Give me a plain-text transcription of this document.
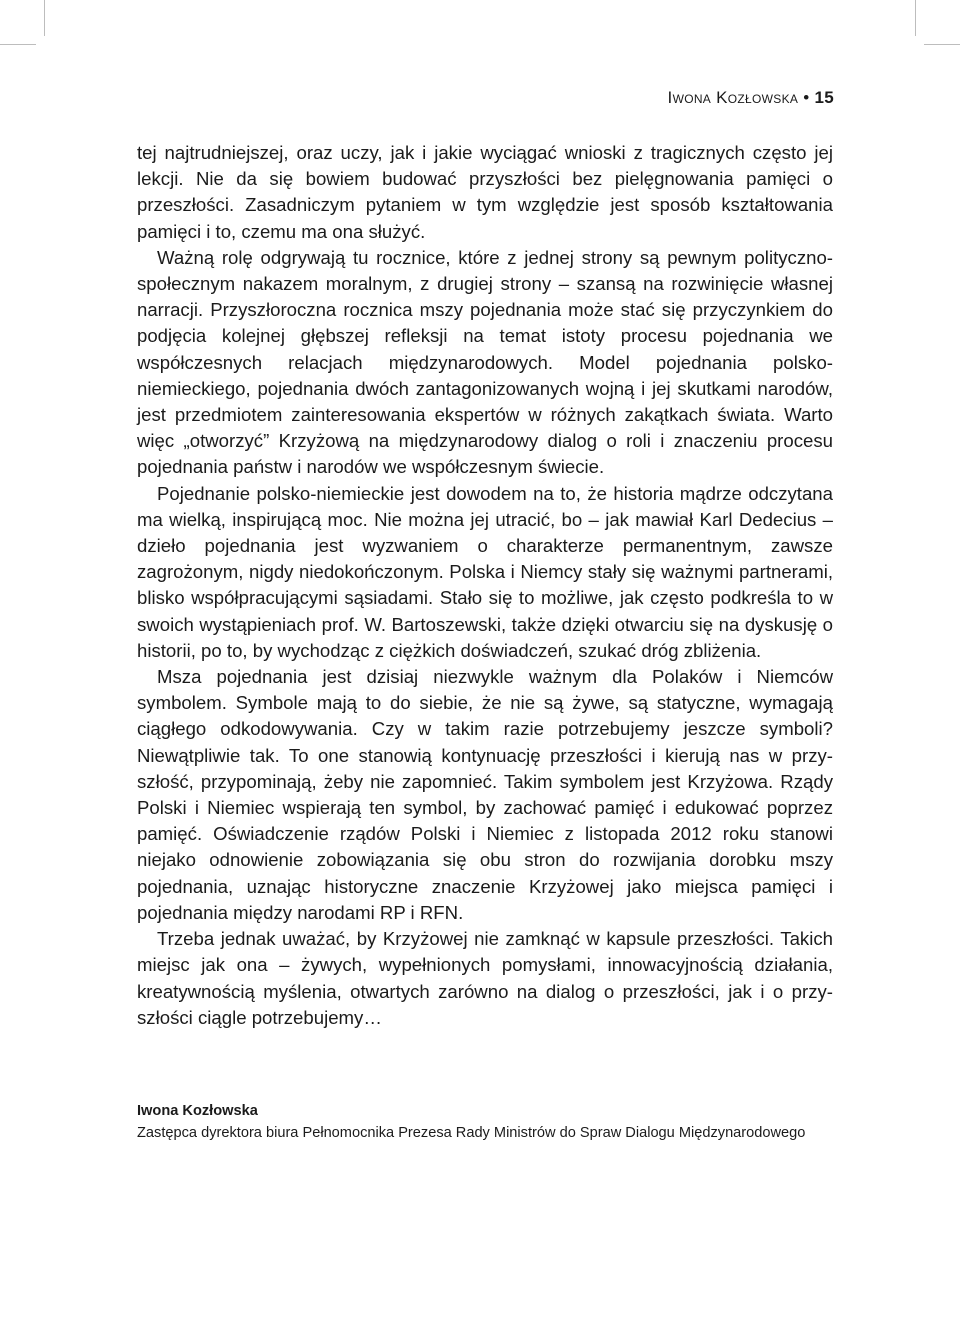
Iwona Kozłowska • 15

tej najtrudniejszej, oraz uczy, jak i jakie wyciągać wnioski z tragicznych często jej lekcji. Nie da się bowiem budować przyszłości bez pielęgnowania pamięci o przeszłości. Zasadniczym pytaniem w tym względzie jest sposób kształtowania pamięci i to, czemu ma ona służyć.

Ważną rolę odgrywają tu rocznice, które z jednej strony są pewnym polityczno-społecznym nakazem moralnym, z drugiej strony – szansą na rozwinięcie własnej narracji. Przyszłoroczna rocznica mszy pojednania może stać się przyczynkiem do podjęcia kolejnej głębszej refleksji na temat istoty procesu pojednania we współczesnych relacjach międzynarodowych. Model pojednania polsko-niemieckiego, pojednania dwóch zantagonizowanych wojną i jej skutkami narodów, jest przedmiotem zainteresowania ekspertów w różnych zakątkach świata. Warto więc „otworzyć” Krzyżową na międzynarodowy dialog o roli i znaczeniu procesu pojednania państw i narodów we współczesnym świecie.

Pojednanie polsko-niemieckie jest dowodem na to, że historia mądrze odczytana ma wielką, inspirującą moc. Nie można jej utracić, bo – jak mawiał Karl Dedecius – dzieło pojednania jest wyzwaniem o charakterze permanentnym, zawsze zagrożonym, nigdy niedokończonym. Polska i Niemcy stały się ważnymi partnerami, blisko współpracującymi sąsiadami. Stało się to możliwe, jak często podkreśla to w swoich wystąpieniach prof. W. Bartoszewski, także dzięki otwarciu się na dyskusję o historii, po to, by wychodząc z ciężkich doświadczeń, szukać dróg zbliżenia.

Msza pojednania jest dzisiaj niezwykle ważnym dla Polaków i Niemców symbolem. Symbole mają to do siebie, że nie są żywe, są statyczne, wymagają ciągłego odkodowywania. Czy w takim razie potrzebujemy jeszcze symboli? Niewątpliwie tak. To one stanowią kontynuację przeszłości i kierują nas w przyszłość, przypominają, żeby nie zapomnieć. Takim symbolem jest Krzyżowa. Rządy Polski i Niemiec wspierają ten symbol, by zachować pamięć i edukować poprzez pamięć. Oświadczenie rządów Polski i Niemiec z listopada 2012 roku stanowi niejako odnowienie zobowiązania się obu stron do rozwijania dorobku mszy pojednania, uznając historyczne znaczenie Krzyżowej jako miejsca pamięci i pojednania między narodami RP i RFN.

Trzeba jednak uważać, by Krzyżowej nie zamknąć w kapsule przeszłości. Takich miejsc jak ona – żywych, wypełnionych pomysłami, innowacyjnością działania, kreatywnością myślenia, otwartych zarówno na dialog o przeszłości, jak i o przyszłości ciągle potrzebujemy…

Iwona Kozłowska
Zastępca dyrektora biura Pełnomocnika Prezesa Rady Ministrów do Spraw Dialogu Międzynarodowego
